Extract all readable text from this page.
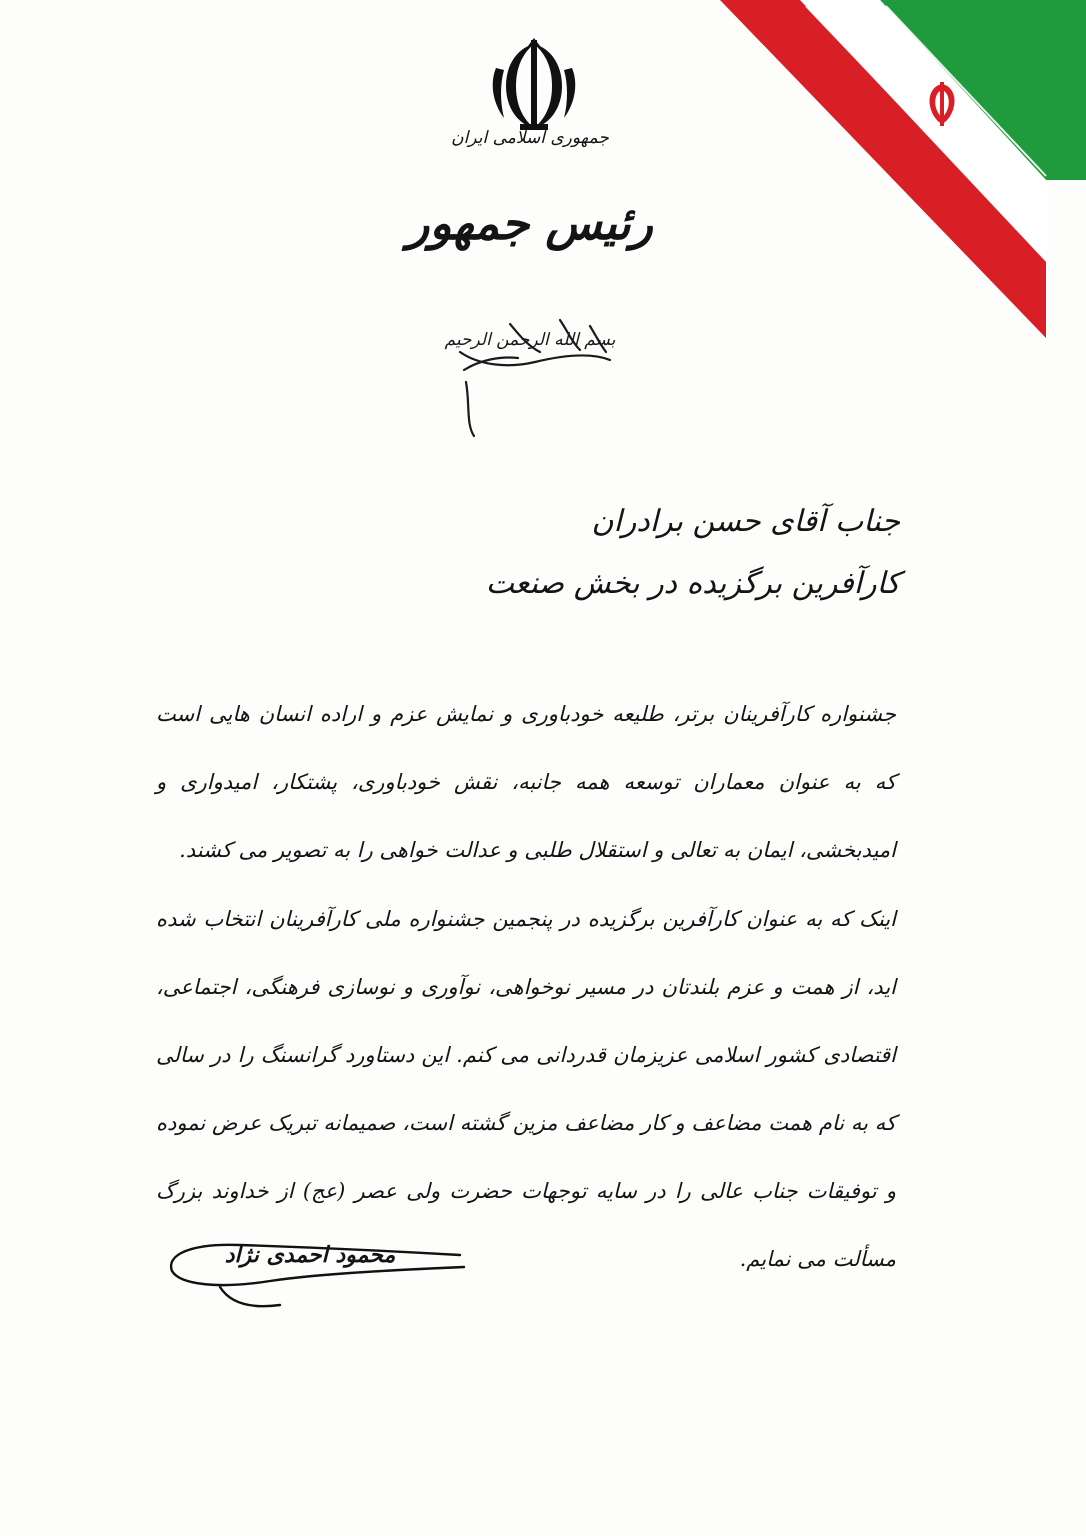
جمهوری اسلامی ایران
رئیس جمهور
بسم الله الرحمن الرحیم
جناب آقای حسن برادران
کارآفرین برگزیده در بخش صنعت

جشنواره کارآفرینان برتر، طلیعه خودباوری و نمایش عزم و اراده انسان هایی است که به عنوان معماران توسعه همه جانبه، نقش خودباوری، پشتکار، امیدواری و امیدبخشی، ایمان به تعالی و استقلال طلبی و عدالت خواهی را به تصویر می کشند.

اینک که به عنوان کارآفرین برگزیده در پنجمین جشنواره ملی کارآفرینان انتخاب شده اید، از همت و عزم بلندتان در مسیر نوخواهی، نوآوری و نوسازی فرهنگی، اجتماعی، اقتصادی کشور اسلامی عزیزمان قدردانی می کنم. این دستاورد گرانسنگ را در سالی که به نام همت مضاعف و کار مضاعف مزین گشته است، صمیمانه تبریک عرض نموده و توفیقات جناب عالی را در سایه توجهات حضرت ولی عصر (عج) از خداوند بزرگ مسألت می نمایم.

محمود احمدی نژاد
